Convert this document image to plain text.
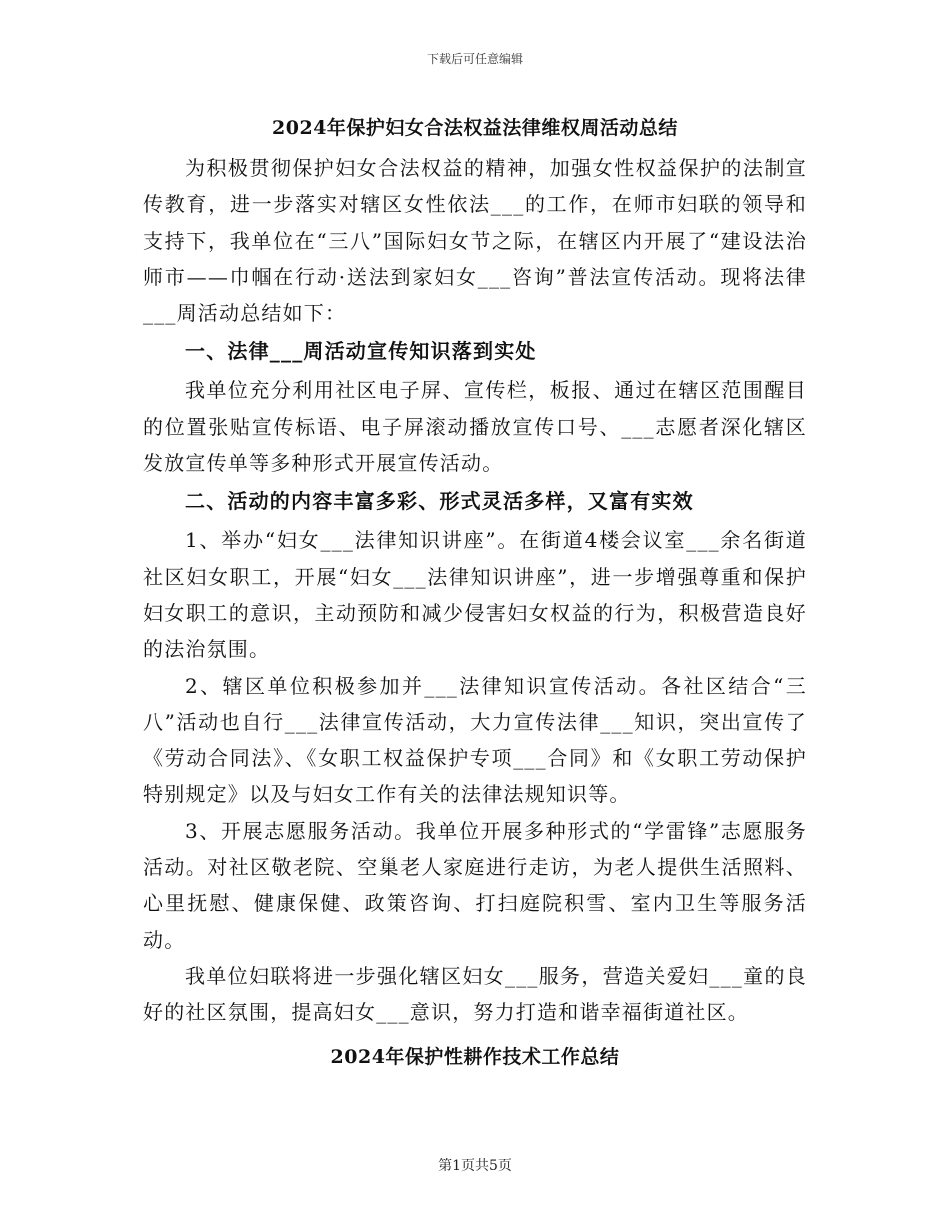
下载后可任意编辑
2024年保护妇女合法权益法律维权周活动总结

为积极贯彻保护妇女合法权益的精神，加强女性权益保护的法制宣传教育，进一步落实对辖区女性依法___的工作，在师市妇联的领导和支持下，我单位在“三八”国际妇女节之际，在辖区内开展了“建设法治师市——巾帼在行动·送法到家妇女___咨询”普法宣传活动。现将法律___周活动总结如下：

一、法律___周活动宣传知识落到实处

我单位充分利用社区电子屏、宣传栏，板报、通过在辖区范围醒目的位置张贴宣传标语、电子屏滚动播放宣传口号、___志愿者深化辖区发放宣传单等多种形式开展宣传活动。

二、活动的内容丰富多彩、形式灵活多样，又富有实效

1、举办“妇女___法律知识讲座”。在街道4楼会议室___余名街道社区妇女职工，开展“妇女___法律知识讲座”，进一步增强尊重和保护妇女职工的意识，主动预防和减少侵害妇女权益的行为，积极营造良好的法治氛围。

2、辖区单位积极参加并___法律知识宣传活动。各社区结合“三八”活动也自行___法律宣传活动，大力宣传法律___知识，突出宣传了《劳动合同法》、《女职工权益保护专项___合同》和《女职工劳动保护特别规定》以及与妇女工作有关的法律法规知识等。

3、开展志愿服务活动。我单位开展多种形式的“学雷锋”志愿服务活动。对社区敬老院、空巢老人家庭进行走访，为老人提供生活照料、心里抚慰、健康保健、政策咨询、打扫庭院积雪、室内卫生等服务活动。

我单位妇联将进一步强化辖区妇女___服务，营造关爱妇___童的良好的社区氛围，提高妇女___意识，努力打造和谐幸福街道社区。

2024年保护性耕作技术工作总结
第1页共5页
